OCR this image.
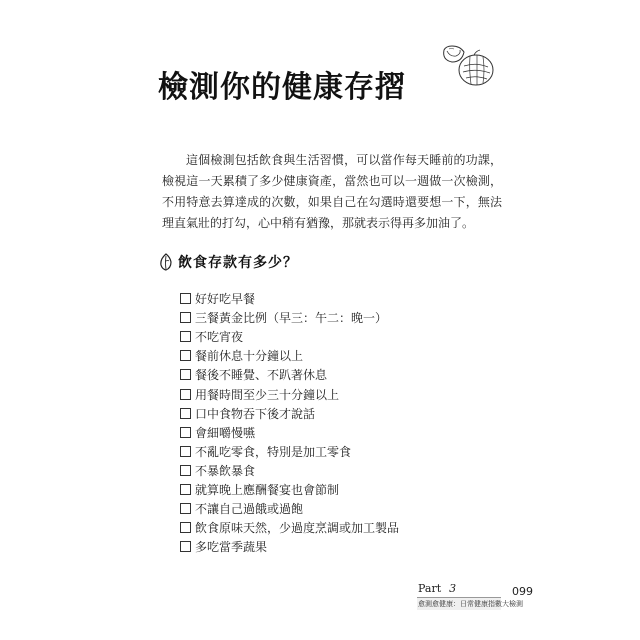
檢測你的健康存摺

這個檢測包括飲食與生活習慣，可以當作每天睡前的功課，檢視這一天累積了多少健康資產，當然也可以一週做一次檢測，不用特意去算達成的次數，如果自己在勾選時還要想一下，無法理直氣壯的打勾，心中稍有猶豫，那就表示得再多加油了。

飲食存款有多少？
好好吃早餐
三餐黃金比例（早三：午二：晚一）
不吃宵夜
餐前休息十分鐘以上
餐後不睡覺、不趴著休息
用餐時間至少三十分鐘以上
口中食物吞下後才說話
會細嚼慢嚥
不亂吃零食，特別是加工零食
不暴飲暴食
就算晚上應酬餐宴也會節制
不讓自己過餓或過飽
飲食原味天然，少過度烹調或加工製品
多吃當季蔬果
Part 3
愈測愈健康：日常健康指數大檢測
099
